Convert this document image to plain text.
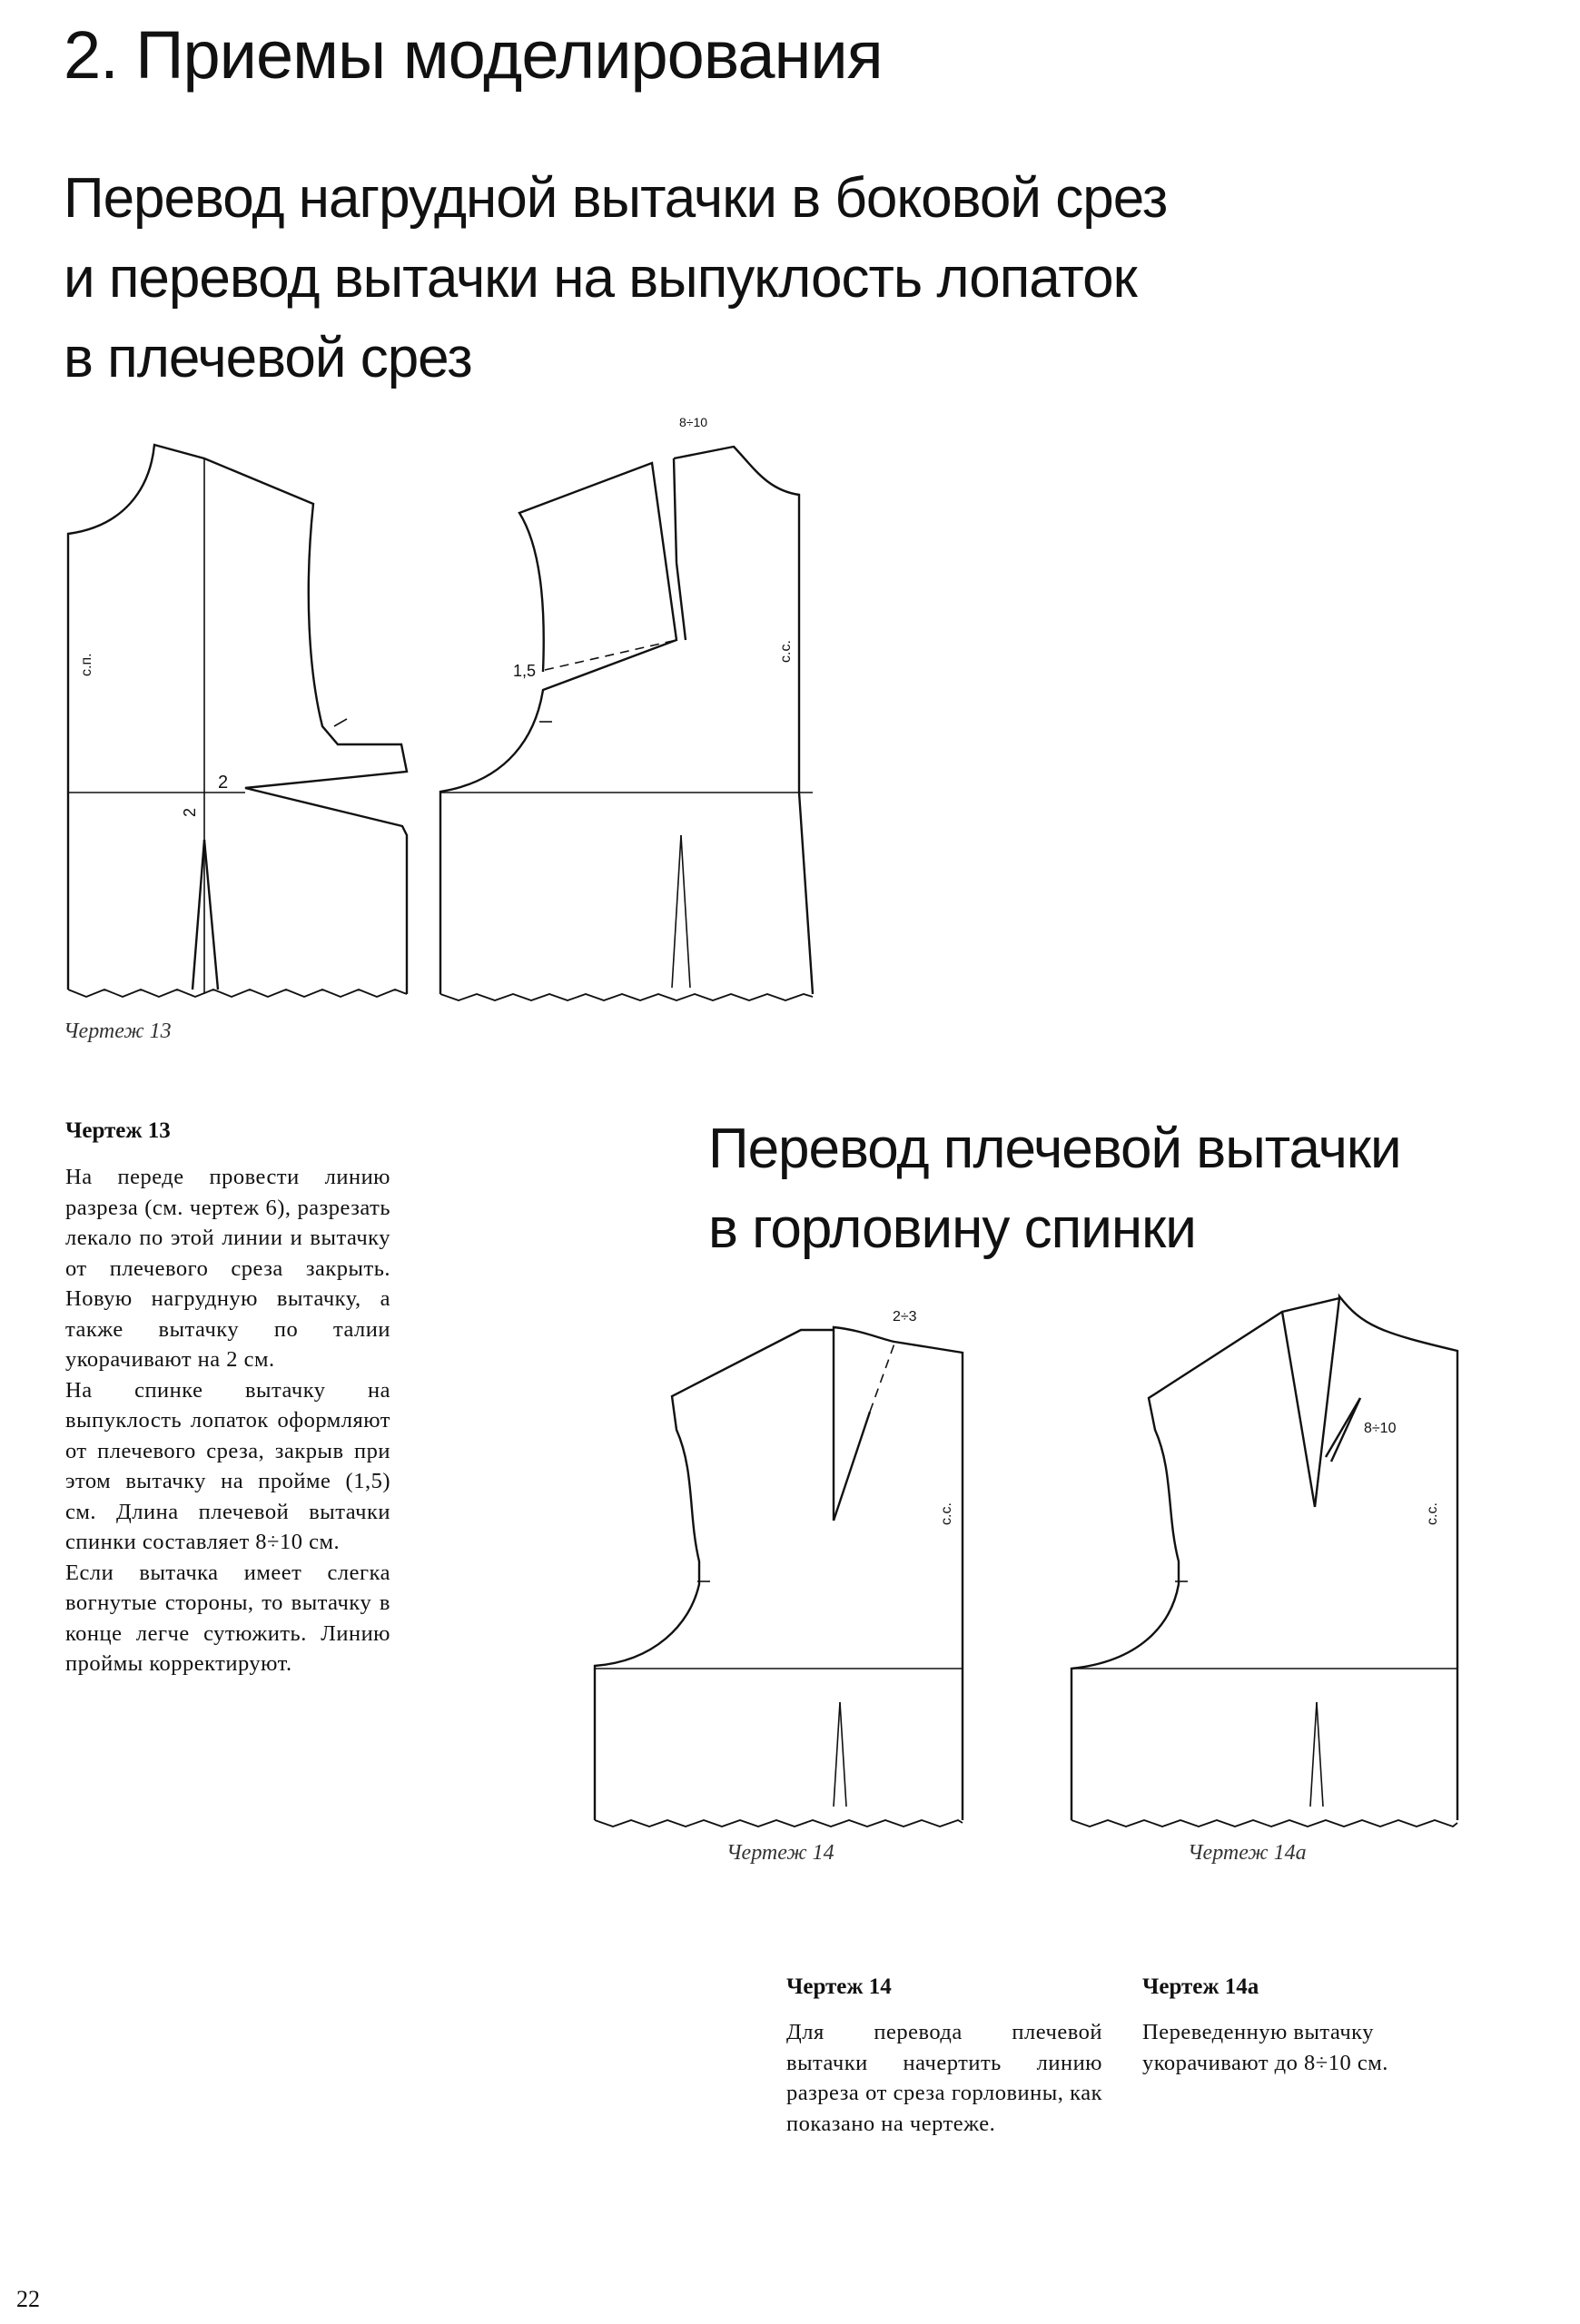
2. Приемы моделирования
Перевод нагрудной вытачки в боковой срез
и перевод вытачки на выпуклость лопаток
в плечевой срез
с.п.
2
2
с.с.
1,5
8÷10
Чертеж 13
Чертеж 13

На переде провести линию разреза (см. чертеж 6), разрезать лекало по этой линии и вытачку от плечевого среза закрыть. Новую нагрудную вытачку, а также вытачку по талии укорачивают на 2 см.

На спинке вытачку на выпуклость лопаток оформляют от плечевого среза, закрыв при этом вытачку на пройме (1,5) см. Длина плечевой вытачки спинки составляет 8÷10 см.

Если вытачка имеет слегка вогнутые стороны, то вытачку в конце легче сутюжить. Линию проймы корректируют.

Перевод плечевой вытачки
в горловину спинки
2÷3
с.с.
8÷10
с.с.
Чертеж 14	Чертеж 14а
Чертеж 14
Для перевода плечевой вытачки начертить линию разреза от среза горловины, как показано на чертеже.
Чертеж 14а
Переведенную вытачку укорачивают до 8÷10 см.
22
